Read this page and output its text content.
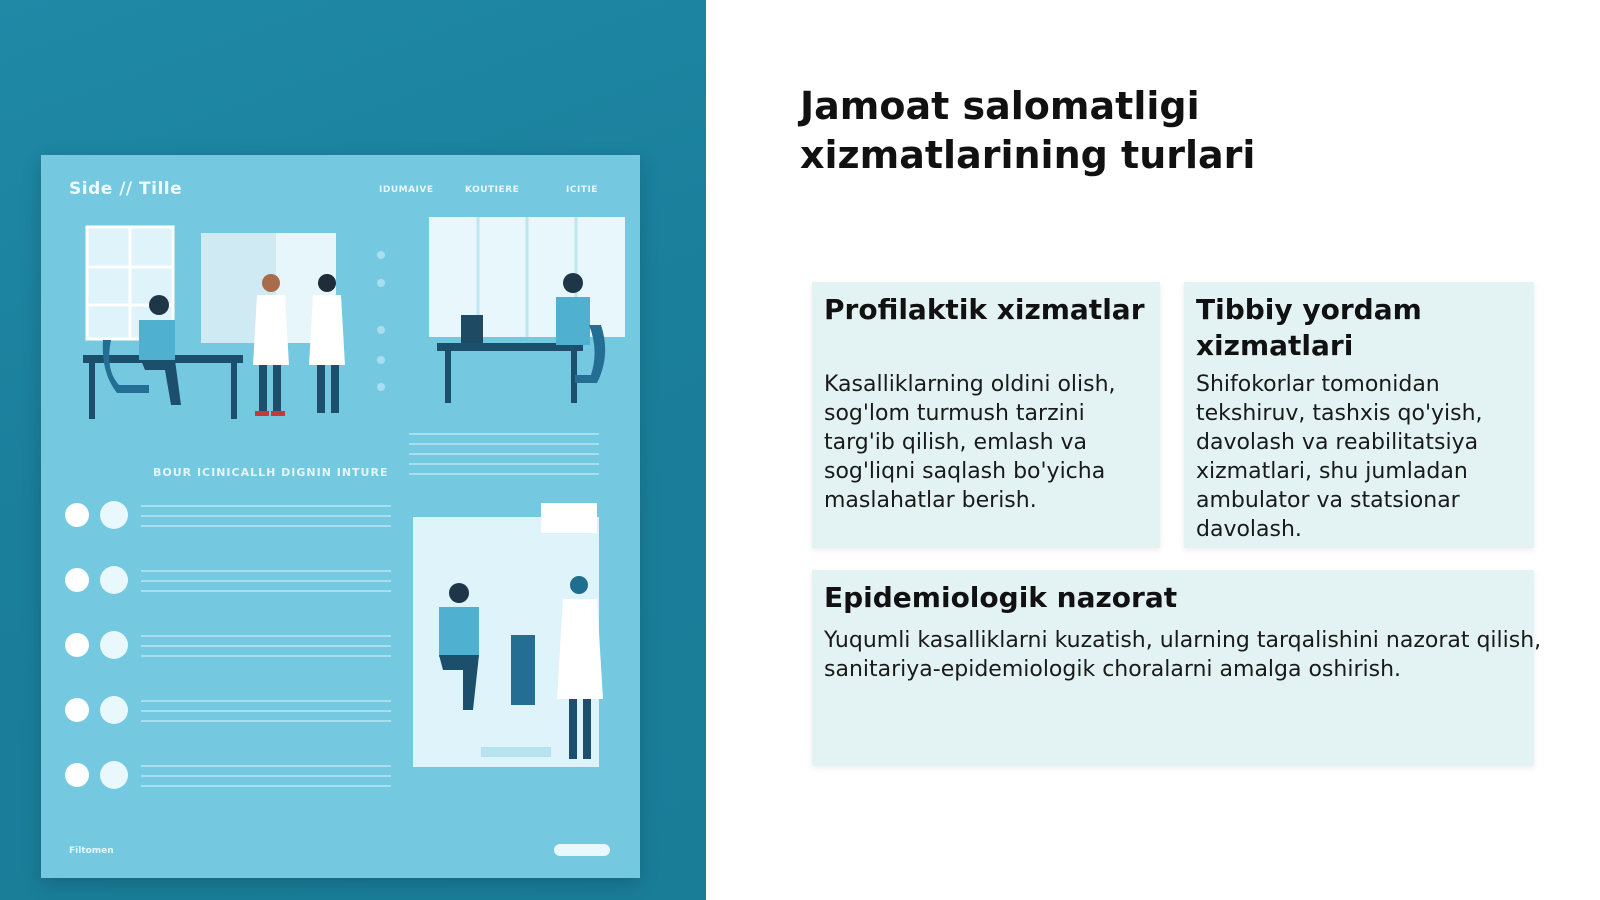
Side // Tille	IDUMAIVE	KOUTIERE	ICITIE
BOUR ICINICALLH DIGNIN INTURE
Filtomen
Jamoat salomatligi xizmatlarining turlari
Profilaktik xizmatlar

Kasalliklarning oldini olish, sog'lom turmush tarzini targ'ib qilish, emlash va sog'liqni saqlash bo'yicha maslahatlar berish.

Tibbiy yordam xizmatlari

Shifokorlar tomonidan tekshiruv, tashxis qo'yish, davolash va reabilitatsiya xizmatlari, shu jumladan ambulator va statsionar davolash.

Epidemiologik nazorat

Yuqumli kasalliklarni kuzatish, ularning tarqalishini nazorat qilish, sanitariya-epidemiologik choralarni amalga oshirish.
